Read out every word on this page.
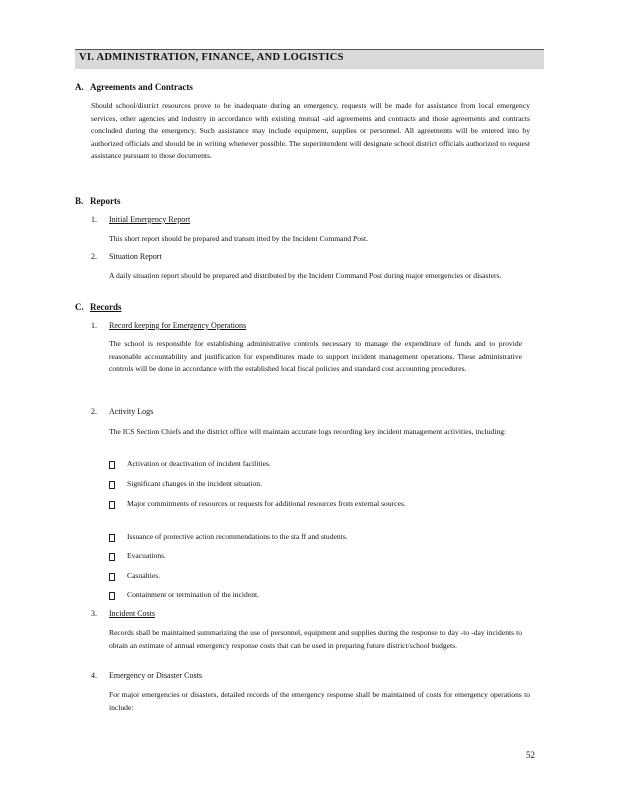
VI. ADMINISTRATION, FINANCE, AND LOGISTICS
A. Agreements and Contracts
Should school/district resources prove to be inadequate during an emergency, requests will be made for assistance from local emergency services, other agencies and industry in accordance with existing mutual -aid agreements and contracts and those agreements and contracts concluded during the emergency. Such assistance may include equipment, supplies or personnel. All agreements will be entered into by authorized officials and should be in writing whenever possible. The superintendent will designate school district officials authorized to request assistance pursuant to those documents.
B. Reports
1. Initial Emergency Report
This short report should be prepared and transm itted by the Incident Command Post.
2. Situation Report
A daily situation report should be prepared and distributed by the Incident Command Post during major emergencies or disasters.
C. Records
1. Record keeping for Emergency Operations
The school is responsible for establishing administrative controls necessary to manage the expenditure of funds and to provide reasonable accountability and justification for expenditures made to support incident management operations. These administrative controls will be done in accordance with the established local fiscal policies and standard cost accounting procedures.
2. Activity Logs
The ICS Section Chiefs and the district office will maintain accurate logs recording key incident management activities, including:
Activation or deactivation of incident facilities.
Significant changes in the incident situation.
Major commitments of resources or requests for additional resources from external sources.
Issuance of protective action recommendations to the sta ff and students.
Evacuations.
Casualties.
Containment or termination of the incident.
3. Incident Costs
Records shall be maintained summarizing the use of personnel, equipment and supplies during the response to day -to -day incidents to obtain an estimate of annual emergency response costs that can be used in preparing future district/school budgets.
4. Emergency or Disaster Costs
For major emergencies or disasters, detailed records of the emergency response shall be maintained of costs for emergency operations to include:
52
